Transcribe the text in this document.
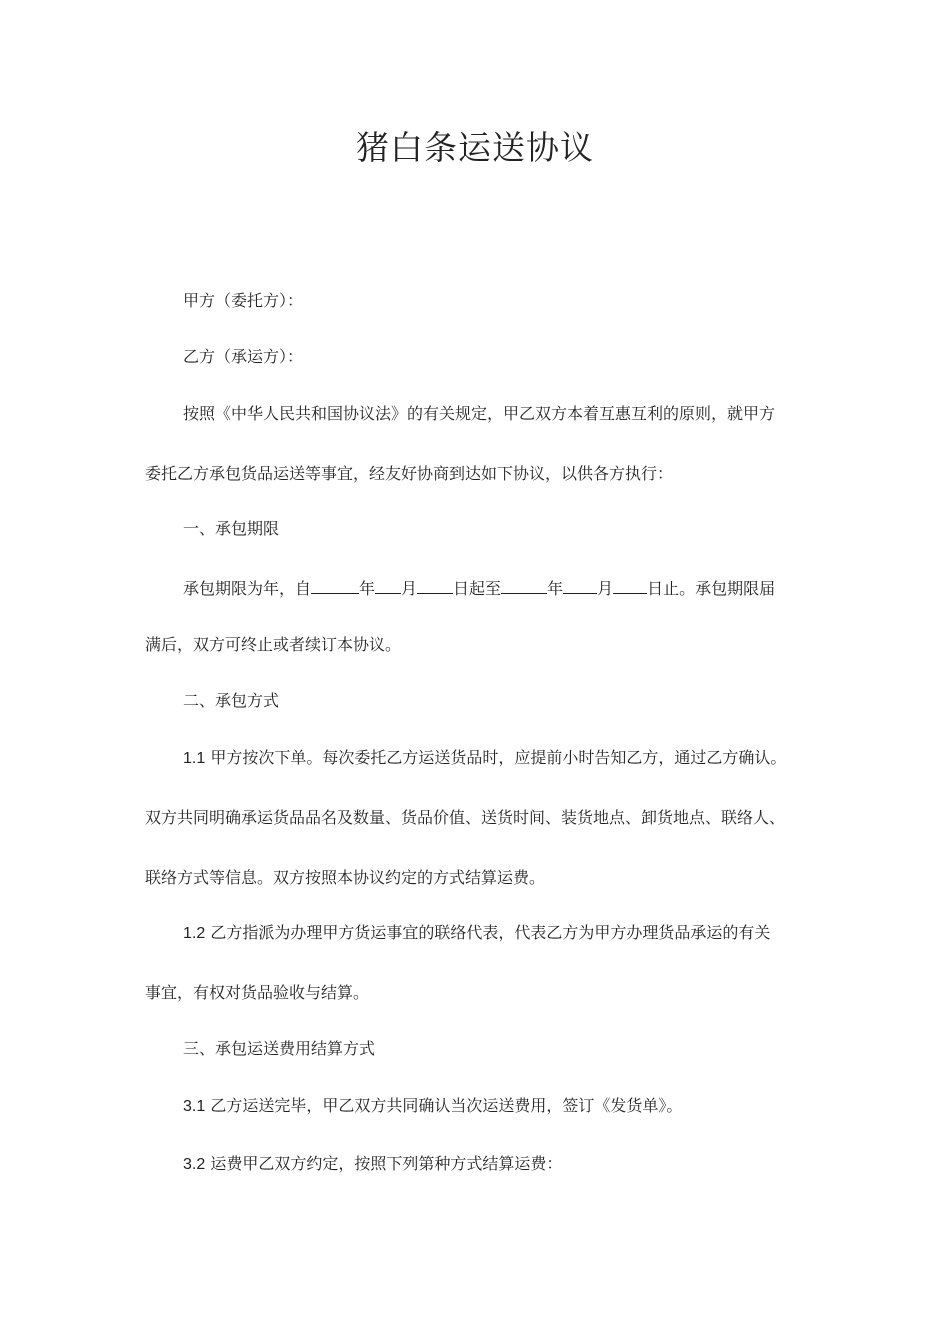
猪白条运送协议
甲方（委托方）：
乙方（承运方）：
按照《中华人民共和国协议法》的有关规定，甲乙双方本着互惠互利的原则，就甲方
委托乙方承包货品运送等事宜，经友好协商到达如下协议，以供各方执行：
一、承包期限
承包期限为年，自	年 月 日起至	年 月 日止。承包期限届
满后，双方可终止或者续订本协议。
二、承包方式
1.1 甲方按次下单。每次委托乙方运送货品时，应提前小时告知乙方，通过乙方确认。
双方共同明确承运货品品名及数量、货品价值、送货时间、装货地点、卸货地点、联络人、
联络方式等信息。双方按照本协议约定的方式结算运费。
1.2 乙方指派为办理甲方货运事宜的联络代表，代表乙方为甲方办理货品承运的有关
事宜，有权对货品验收与结算。
三、承包运送费用结算方式
3.1 乙方运送完毕，甲乙双方共同确认当次运送费用，签订《发货单》。
3.2 运费甲乙双方约定，按照下列第种方式结算运费：
